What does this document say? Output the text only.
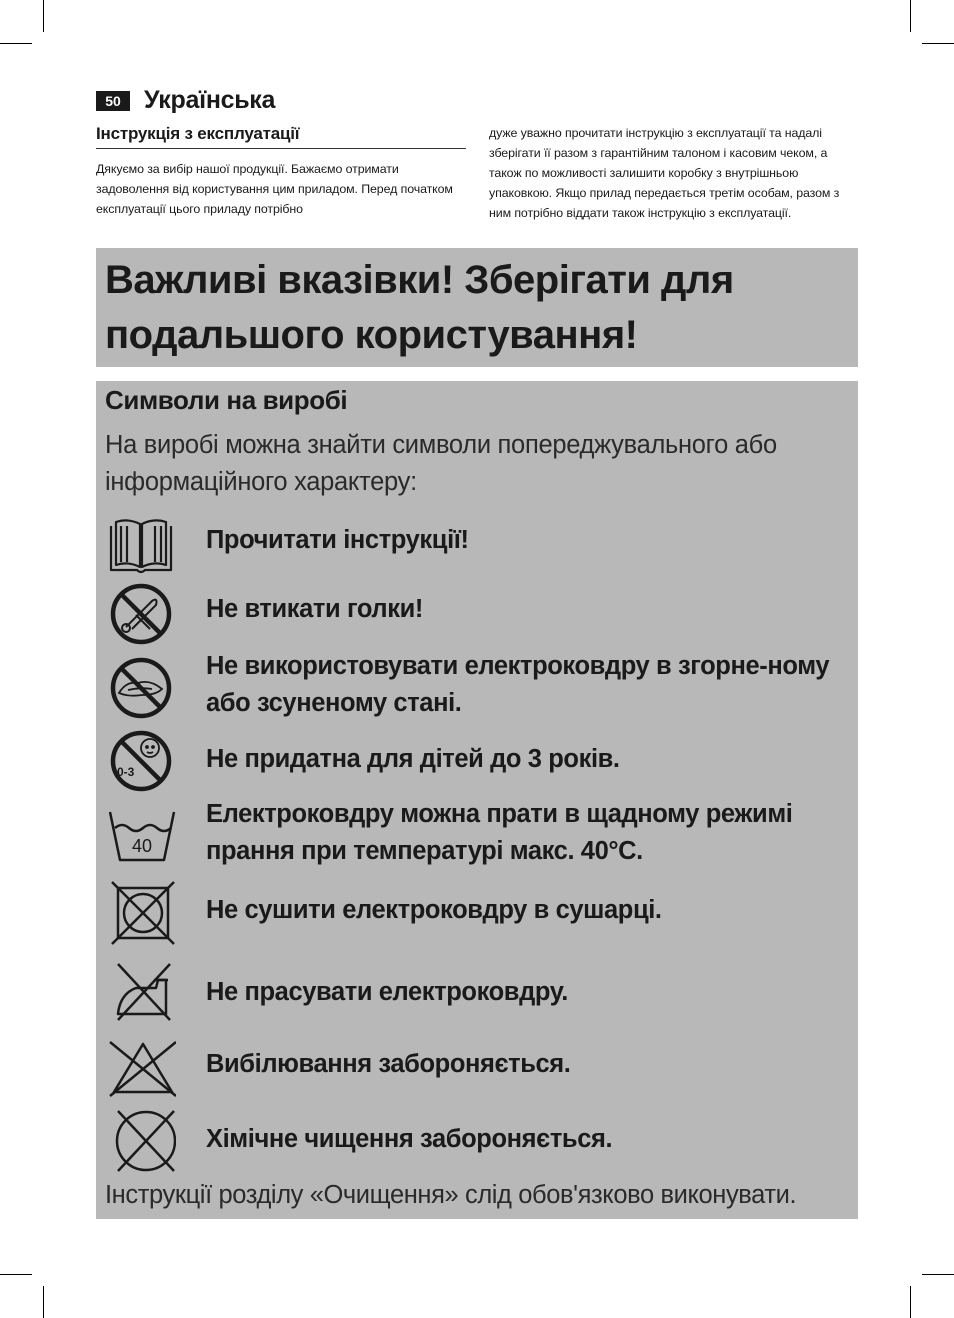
50 Українська
Інструкція з експлуатації
Дякуємо за вибір нашої продукції. Бажаємо отримати задоволення від користування цим приладом. Перед початком експлуатації цього приладу потрібно
дуже уважно прочитати інструкцію з експлуатації та надалі зберігати її разом з гарантійним талоном і касовим чеком, а також по можливості залишити коробку з внутрішньою упаковкою. Якщо прилад передається третім особам, разом з ним потрібно віддати також інструкцію з експлуатації.
Важливі вказівки! Зберігати для подальшого користування!
Символи на виробі
На виробі можна знайти символи попереджувального або інформаційного характеру:
0-3
40
Прочитати інструкції!
Не втикати голки!
Не використовувати електроковдру в згорне-ному або зсуненому стані.
Не придатна для дітей до 3 років.
Електроковдру можна прати в щадному режимі прання при температурі макс. 40°C.
Не сушити електроковдру в сушарці.
Не прасувати електроковдру.
Вибілювання забороняється.
Хімічне чищення забороняється.
Інструкції розділу «Очищення» слід обов'язково виконувати.
